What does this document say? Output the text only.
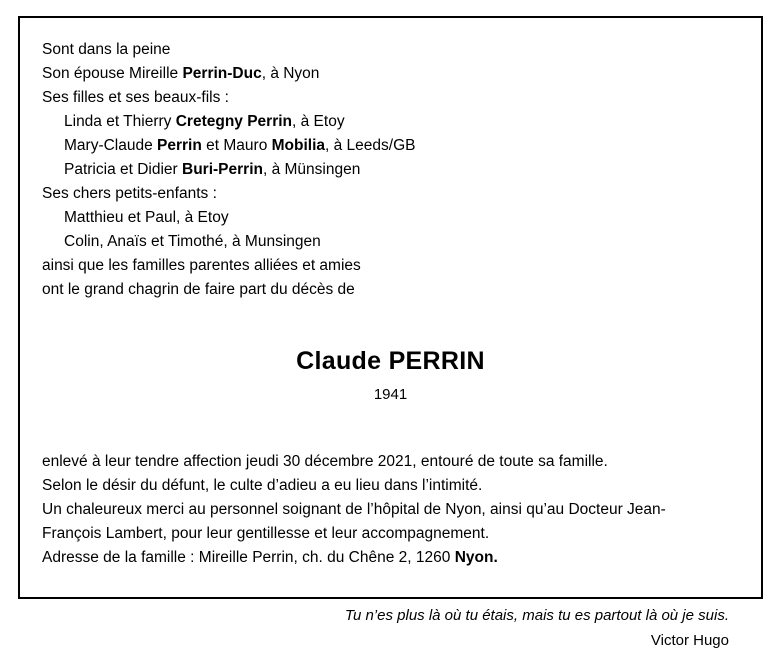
Sont dans la peine
Son épouse Mireille Perrin-Duc, à Nyon
Ses filles et ses beaux-fils :
Linda et Thierry Cretegny Perrin, à Etoy
Mary-Claude Perrin et Mauro Mobilia, à Leeds/GB
Patricia et Didier Buri-Perrin, à Münsingen
Ses chers petits-enfants :
Matthieu et Paul, à Etoy
Colin, Anaïs et Timothé, à Munsingen
ainsi que les familles parentes alliées et amies
ont le grand chagrin de faire part du décès de
Claude PERRIN
1941
enlevé à leur tendre affection jeudi 30 décembre 2021, entouré de toute sa famille.
Selon le désir du défunt, le culte d’adieu a eu lieu dans l’intimité.
Un chaleureux merci au personnel soignant de l’hôpital de Nyon, ainsi qu’au Docteur Jean-
François Lambert, pour leur gentillesse et leur accompagnement.
Adresse de la famille : Mireille Perrin, ch. du Chêne 2, 1260 Nyon.
Tu n’es plus là où tu étais, mais tu es partout là où je suis.
Victor Hugo
